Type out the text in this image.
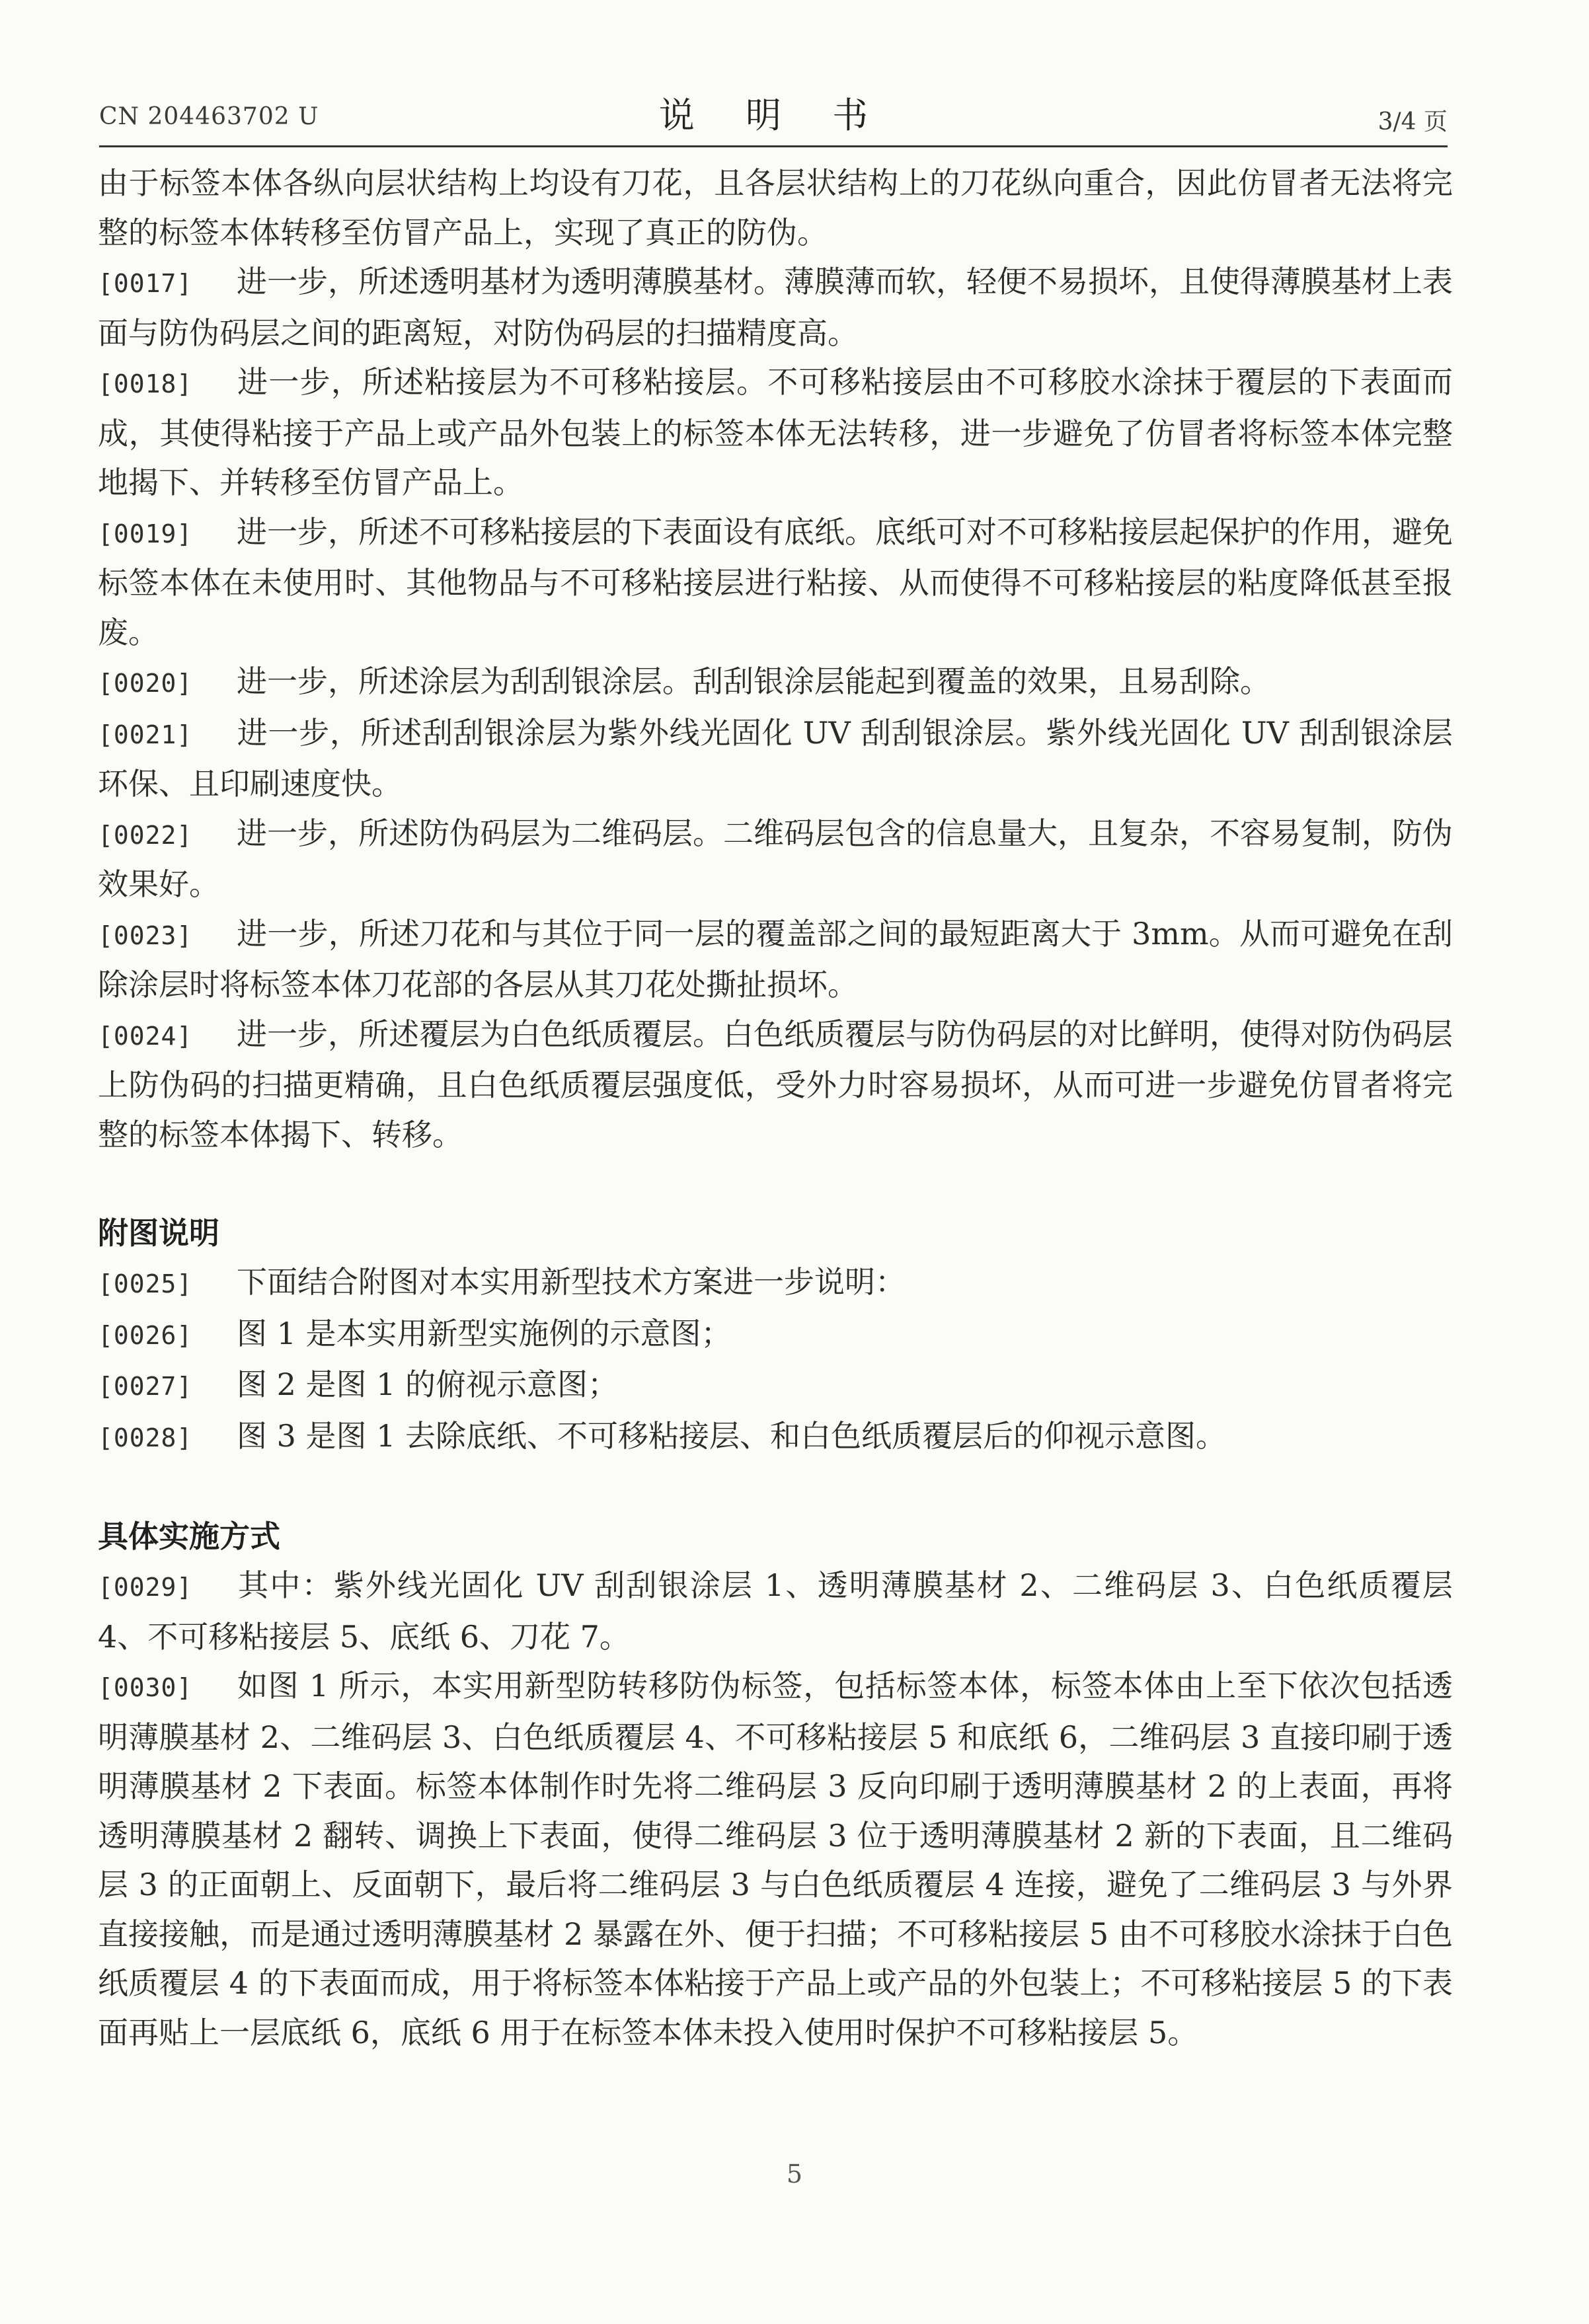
CN 204463702 U	说 明 书	3/4 页

由于标签本体各纵向层状结构上均设有刀花，且各层状结构上的刀花纵向重合，因此仿冒者无法将完整的标签本体转移至仿冒产品上，实现了真正的防伪。

[0017] 进一步，所述透明基材为透明薄膜基材。薄膜薄而软，轻便不易损坏，且使得薄膜基材上表面与防伪码层之间的距离短，对防伪码层的扫描精度高。

[0018] 进一步，所述粘接层为不可移粘接层。不可移粘接层由不可移胶水涂抹于覆层的下表面而成，其使得粘接于产品上或产品外包装上的标签本体无法转移，进一步避免了仿冒者将标签本体完整地揭下、并转移至仿冒产品上。

[0019] 进一步，所述不可移粘接层的下表面设有底纸。底纸可对不可移粘接层起保护的作用，避免标签本体在未使用时、其他物品与不可移粘接层进行粘接、从而使得不可移粘接层的粘度降低甚至报废。

[0020] 进一步，所述涂层为刮刮银涂层。刮刮银涂层能起到覆盖的效果，且易刮除。

[0021] 进一步，所述刮刮银涂层为紫外线光固化 UV 刮刮银涂层。紫外线光固化 UV 刮刮银涂层环保、且印刷速度快。

[0022] 进一步，所述防伪码层为二维码层。二维码层包含的信息量大，且复杂，不容易复制，防伪效果好。

[0023] 进一步，所述刀花和与其位于同一层的覆盖部之间的最短距离大于 3mm。从而可避免在刮除涂层时将标签本体刀花部的各层从其刀花处撕扯损坏。

[0024] 进一步，所述覆层为白色纸质覆层。白色纸质覆层与防伪码层的对比鲜明，使得对防伪码层上防伪码的扫描更精确，且白色纸质覆层强度低，受外力时容易损坏，从而可进一步避免仿冒者将完整的标签本体揭下、转移。

附图说明

[0025] 下面结合附图对本实用新型技术方案进一步说明：

[0026] 图 1 是本实用新型实施例的示意图；

[0027] 图 2 是图 1 的俯视示意图；

[0028] 图 3 是图 1 去除底纸、不可移粘接层、和白色纸质覆层后的仰视示意图。

具体实施方式

[0029] 其中：紫外线光固化 UV 刮刮银涂层 1、透明薄膜基材 2、二维码层 3、白色纸质覆层 4、不可移粘接层 5、底纸 6、刀花 7。

[0030] 如图 1 所示，本实用新型防转移防伪标签，包括标签本体，标签本体由上至下依次包括透明薄膜基材 2、二维码层 3、白色纸质覆层 4、不可移粘接层 5 和底纸 6，二维码层 3 直接印刷于透明薄膜基材 2 下表面。标签本体制作时先将二维码层 3 反向印刷于透明薄膜基材 2 的上表面，再将透明薄膜基材 2 翻转、调换上下表面，使得二维码层 3 位于透明薄膜基材 2 新的下表面，且二维码层 3 的正面朝上、反面朝下，最后将二维码层 3 与白色纸质覆层 4 连接，避免了二维码层 3 与外界直接接触，而是通过透明薄膜基材 2 暴露在外、便于扫描；不可移粘接层 5 由不可移胶水涂抹于白色纸质覆层 4 的下表面而成，用于将标签本体粘接于产品上或产品的外包装上；不可移粘接层 5 的下表面再贴上一层底纸 6，底纸 6 用于在标签本体未投入使用时保护不可移粘接层 5。

5
